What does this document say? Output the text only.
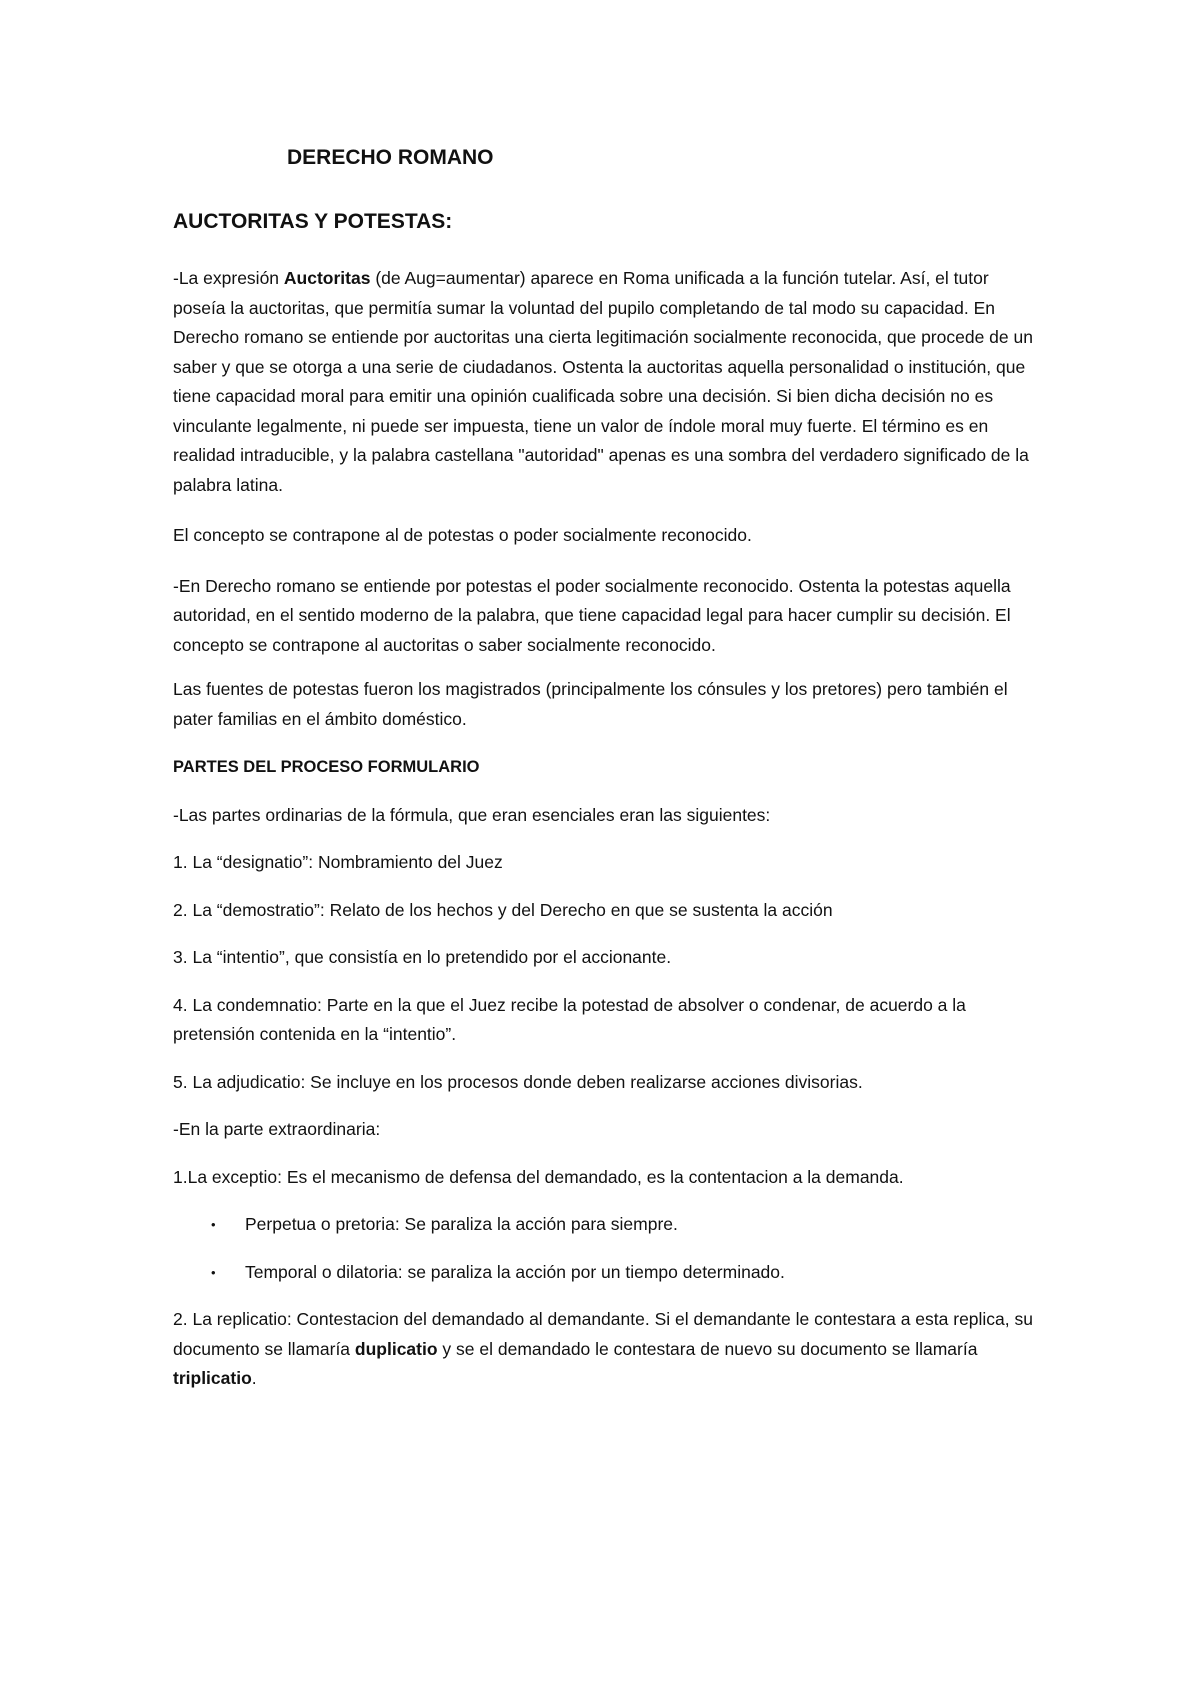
DERECHO ROMANO
AUCTORITAS Y POTESTAS:

-La expresión Auctoritas (de Aug=aumentar) aparece en Roma unificada a la función tutelar. Así, el tutor poseía la auctoritas, que permitía sumar la voluntad del pupilo completando de tal modo su capacidad. En Derecho romano se entiende por auctoritas una cierta legitimación socialmente reconocida, que procede de un saber y que se otorga a una serie de ciudadanos. Ostenta la auctoritas aquella personalidad o institución, que tiene capacidad moral para emitir una opinión cualificada sobre una decisión. Si bien dicha decisión no es vinculante legalmente, ni puede ser impuesta, tiene un valor de índole moral muy fuerte. El término es en realidad intraducible, y la palabra castellana "autoridad" apenas es una sombra del verdadero significado de la palabra latina.

El concepto se contrapone al de potestas o poder socialmente reconocido.

-En Derecho romano se entiende por potestas el poder socialmente reconocido. Ostenta la potestas aquella autoridad, en el sentido moderno de la palabra, que tiene capacidad legal para hacer cumplir su decisión. El concepto se contrapone al auctoritas o saber socialmente reconocido.

Las fuentes de potestas fueron los magistrados (principalmente los cónsules y los pretores) pero también el pater familias en el ámbito doméstico.

PARTES DEL PROCESO FORMULARIO

-Las partes ordinarias de la fórmula, que eran esenciales eran las siguientes:

1. La “designatio”: Nombramiento del Juez

2. La “demostratio”: Relato de los hechos y del Derecho en que se sustenta la acción

3. La “intentio”, que consistía en lo pretendido por el accionante.

4. La condemnatio: Parte en la que el Juez recibe la potestad de absolver o condenar, de acuerdo a la pretensión contenida en la “intentio”.

5. La adjudicatio: Se incluye en los procesos donde deben realizarse acciones divisorias.

-En la parte extraordinaria:

1.La exceptio: Es el mecanismo de defensa del demandado, es la contentacion a la demanda.

• Perpetua o pretoria: Se paraliza la acción para siempre.
• Temporal o dilatoria: se paraliza la acción por un tiempo determinado.

2. La replicatio: Contestacion del demandado al demandante. Si el demandante le contestara a esta replica, su documento se llamaría duplicatio y se el demandado le contestara de nuevo su documento se llamaría triplicatio.
